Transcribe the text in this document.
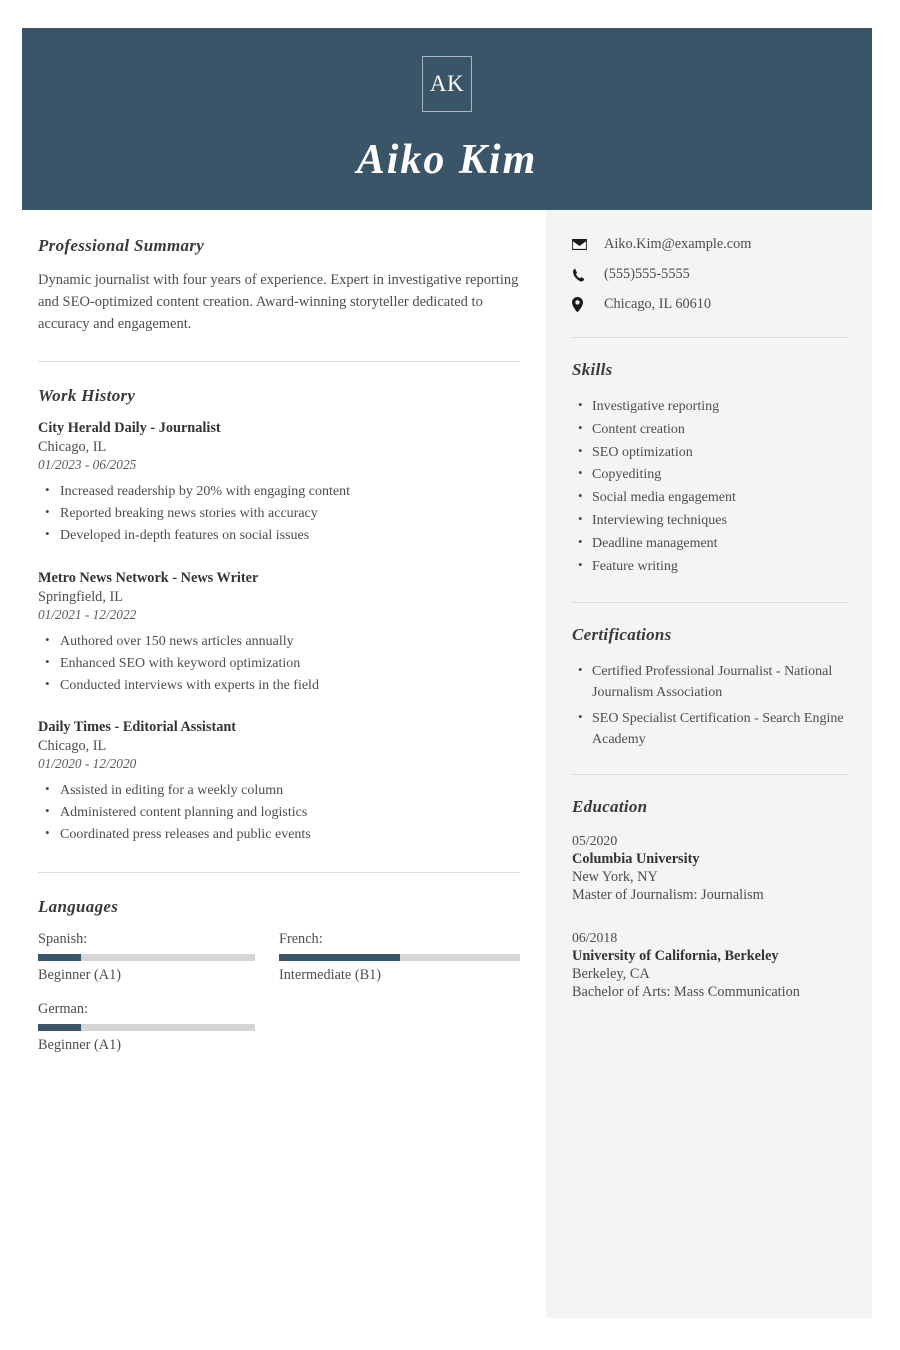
AK
Aiko Kim
Professional Summary

Dynamic journalist with four years of experience. Expert in investigative reporting and SEO-optimized content creation. Award-winning storyteller dedicated to accuracy and engagement.

Work History
City Herald Daily - Journalist
Chicago, IL
01/2023 - 06/2025
• Increased readership by 20% with engaging content
• Reported breaking news stories with accuracy
• Developed in-depth features on social issues
Metro News Network - News Writer
Springfield, IL
01/2021 - 12/2022
• Authored over 150 news articles annually
• Enhanced SEO with keyword optimization
• Conducted interviews with experts in the field
Daily Times - Editorial Assistant
Chicago, IL
01/2020 - 12/2020
• Assisted in editing for a weekly column
• Administered content planning and logistics
• Coordinated press releases and public events
Languages
Spanish:
Beginner (A1)
French:
Intermediate (B1)
German:
Beginner (A1)
Aiko.Kim@example.com
(555)555-5555
Chicago, IL 60610
Skills
• Investigative reporting
• Content creation
• SEO optimization
• Copyediting
• Social media engagement
• Interviewing techniques
• Deadline management
• Feature writing
Certifications
• Certified Professional Journalist - National Journalism Association
• SEO Specialist Certification - Search Engine Academy
Education
05/2020
Columbia University
New York, NY
Master of Journalism: Journalism
06/2018
University of California, Berkeley
Berkeley, CA
Bachelor of Arts: Mass Communication
